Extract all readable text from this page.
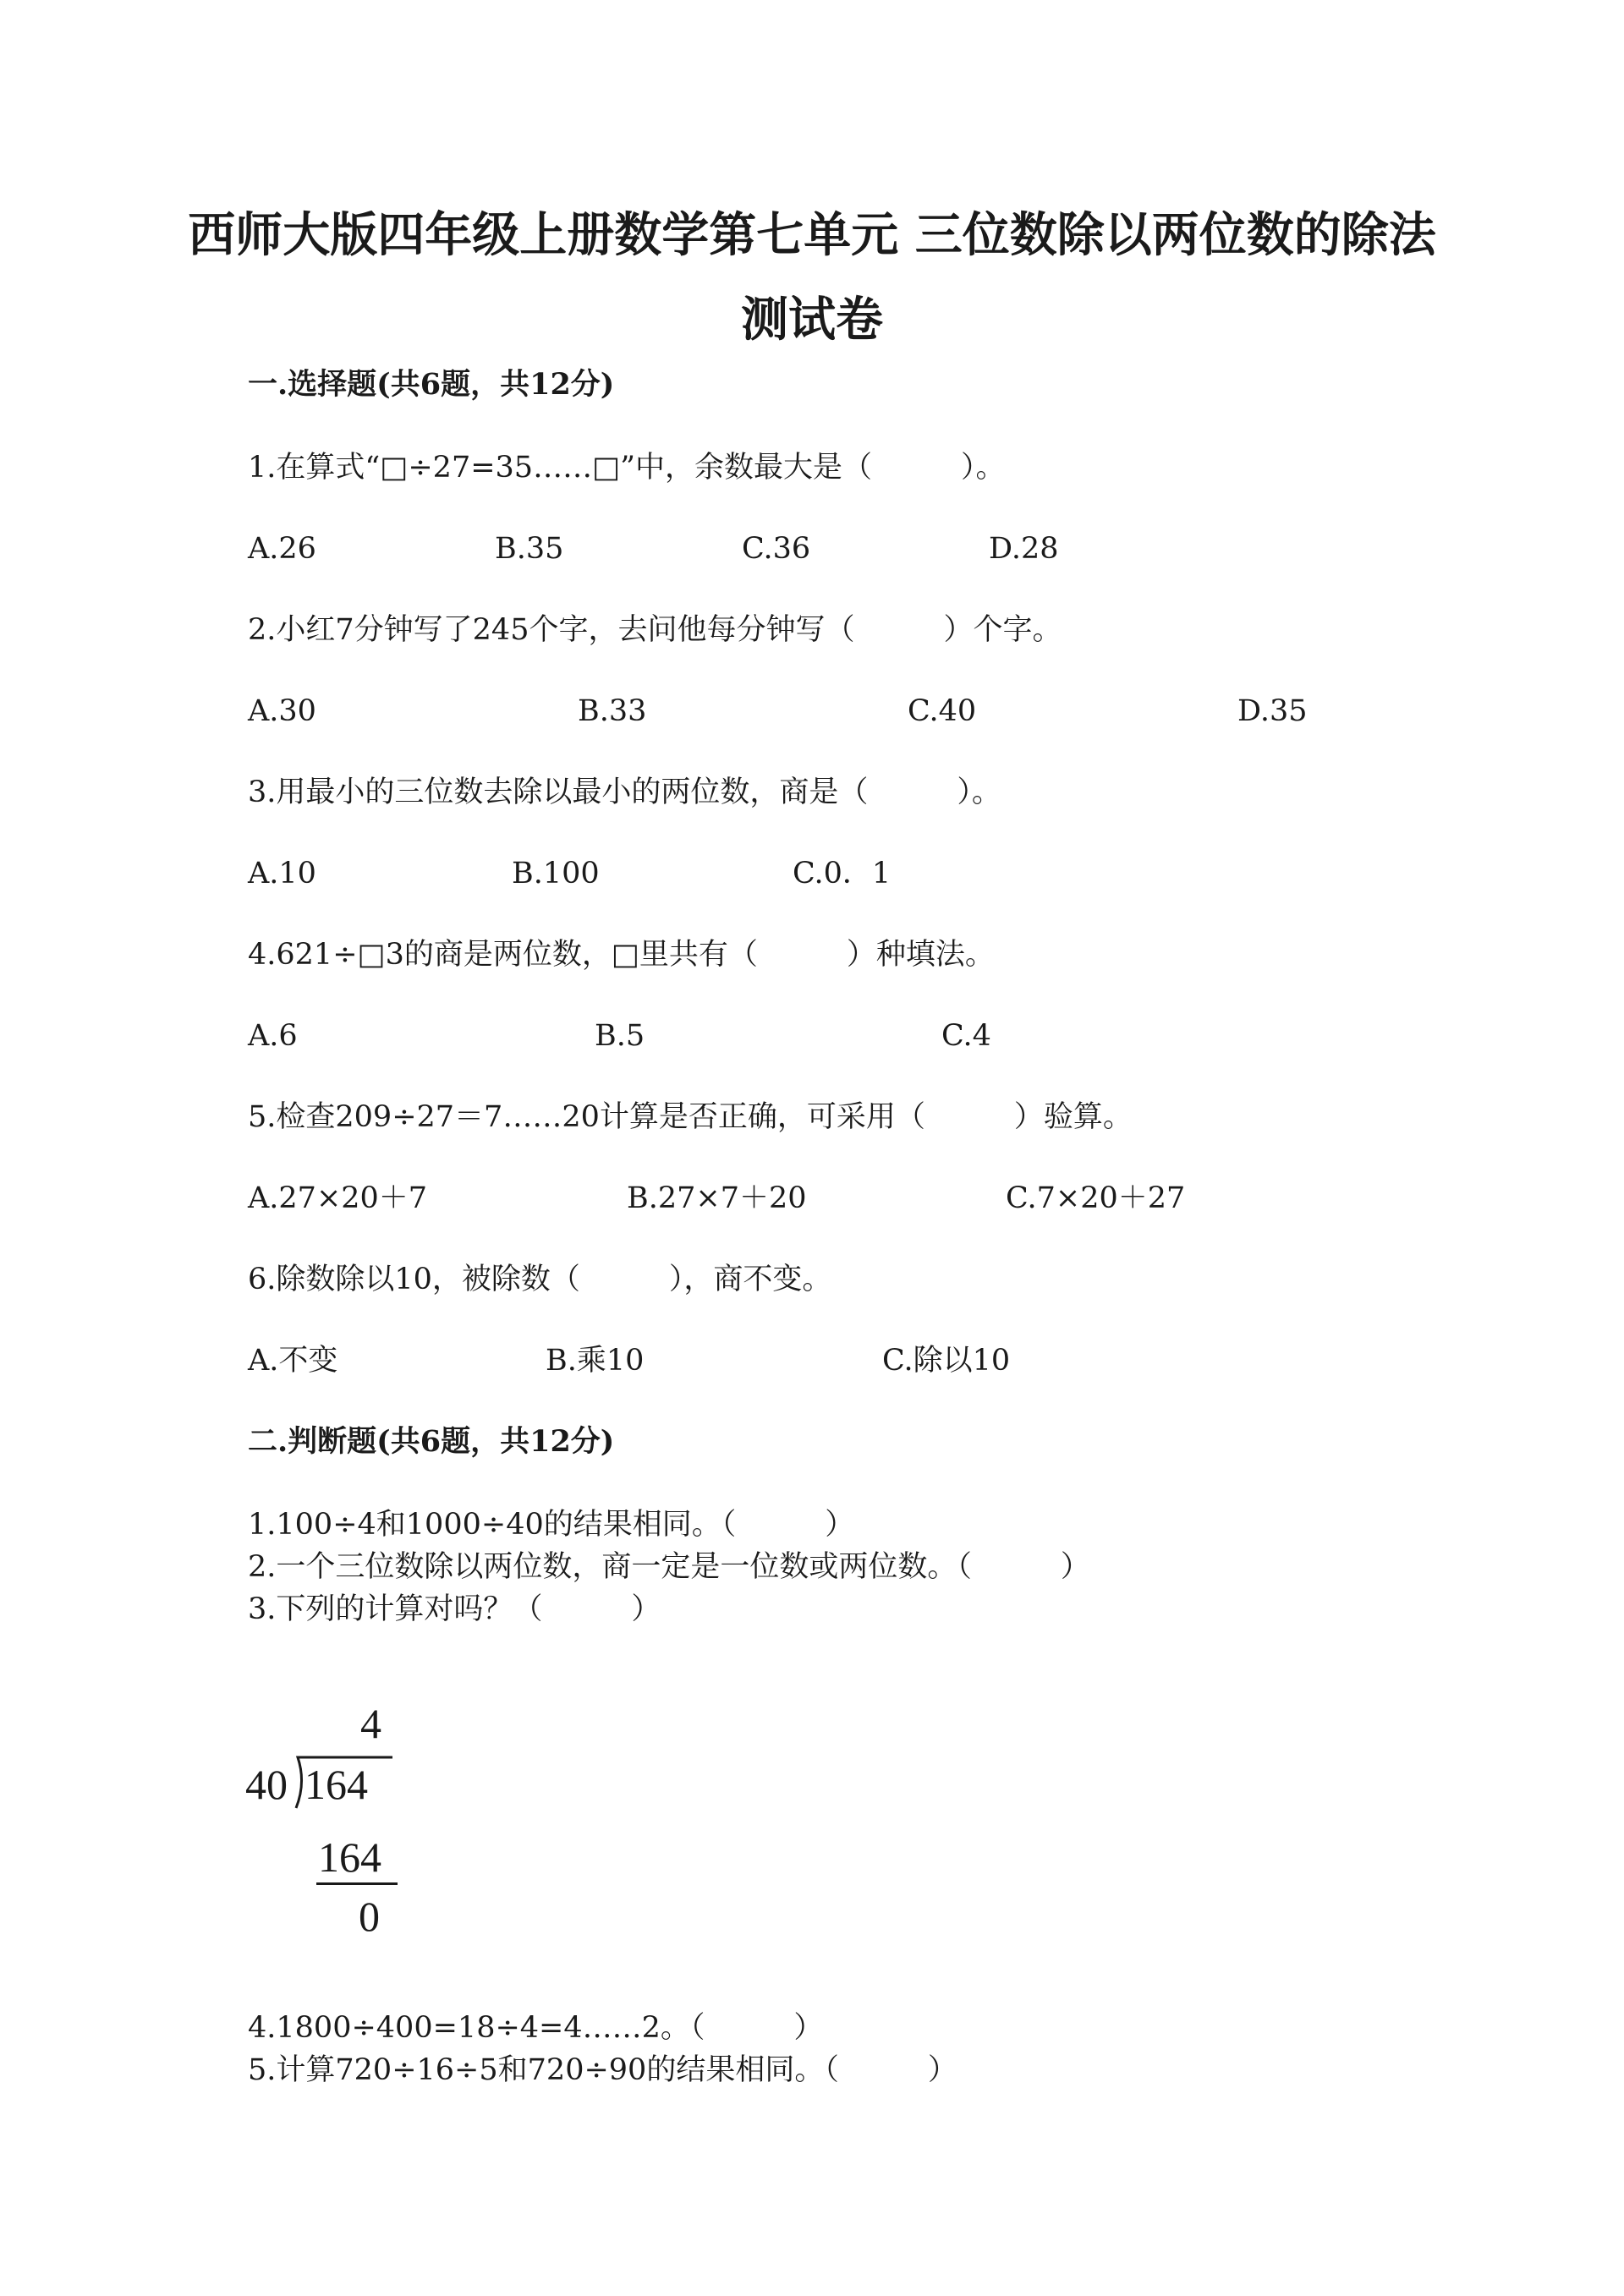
西师大版四年级上册数学第七单元 三位数除以两位数的除法 测试卷
一.选择题(共6题，共12分)
1.在算式“□÷27=35……□”中，余数最大是（　　　）。
A.26	B.35	C.36	D.28
2.小红7分钟写了245个字，去问他每分钟写（　　　）个字。
A.30	B.33	C.40	D.35
3.用最小的三位数去除以最小的两位数，商是（　　　）。
A.10	B.100	C.0．1
4.621÷□3的商是两位数，□里共有（　　　）种填法。
A.6	B.5	C.4
5.检查209÷27＝7……20计算是否正确，可采用（　　　）验算。
A.27×20＋7	B.27×7＋20	C.7×20＋27
6.除数除以10，被除数（　　　），商不变。
A.不变	B.乘10	C.除以10
二.判断题(共6题，共12分)
1.100÷4和1000÷40的结果相同。（　　　）
2.一个三位数除以两位数，商一定是一位数或两位数。（　　　）
3.下列的计算对吗？（　　　）
4
40 164
164
0
4.1800÷400=18÷4=4……2。（　　　）
5.计算720÷16÷5和720÷90的结果相同。（　　　）
